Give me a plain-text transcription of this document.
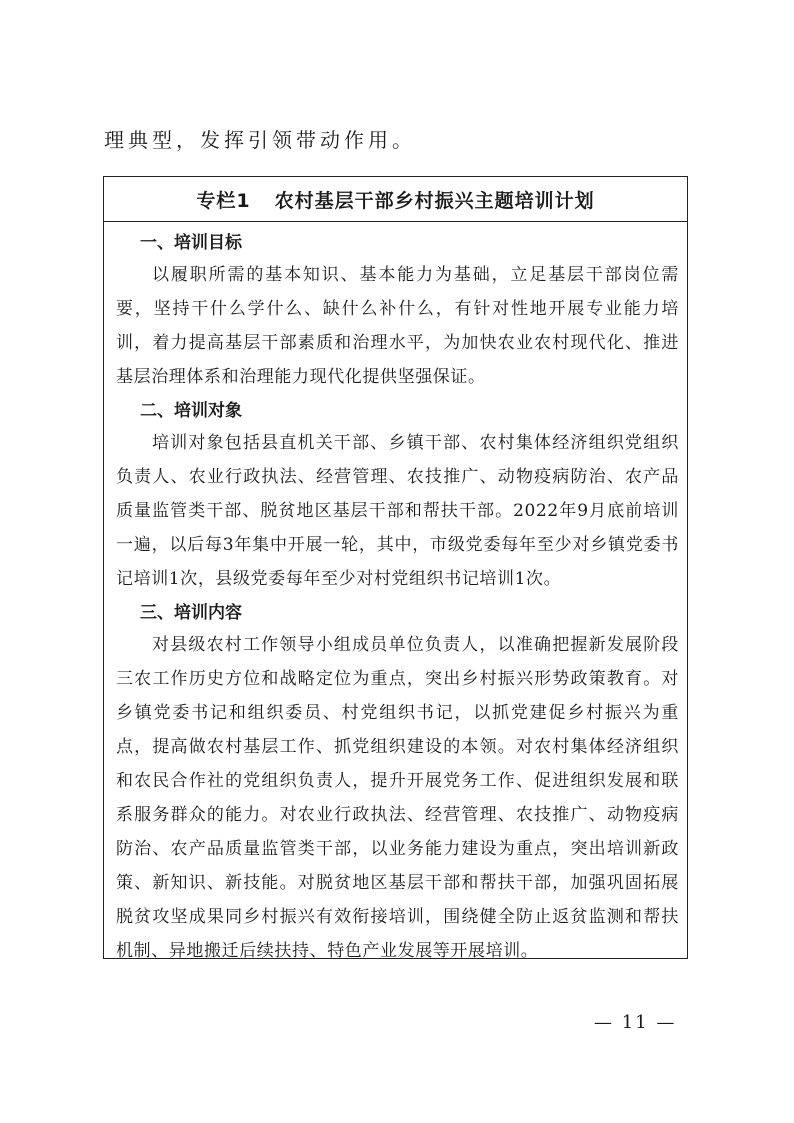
理典型，发挥引领带动作用。
专栏1 农村基层干部乡村振兴主题培训计划
一、培训目标

以履职所需的基本知识、基本能力为基础，立足基层干部岗位需要，坚持干什么学什么、缺什么补什么，有针对性地开展专业能力培训，着力提高基层干部素质和治理水平，为加快农业农村现代化、推进基层治理体系和治理能力现代化提供坚强保证。

二、培训对象

培训对象包括县直机关干部、乡镇干部、农村集体经济组织党组织负责人、农业行政执法、经营管理、农技推广、动物疫病防治、农产品质量监管类干部、脱贫地区基层干部和帮扶干部。2022年9月底前培训一遍，以后每3年集中开展一轮，其中，市级党委每年至少对乡镇党委书记培训1次，县级党委每年至少对村党组织书记培训1次。

三、培训内容

对县级农村工作领导小组成员单位负责人，以准确把握新发展阶段三农工作历史方位和战略定位为重点，突出乡村振兴形势政策教育。对乡镇党委书记和组织委员、村党组织书记，以抓党建促乡村振兴为重点，提高做农村基层工作、抓党组织建设的本领。对农村集体经济组织和农民合作社的党组织负责人，提升开展党务工作、促进组织发展和联系服务群众的能力。对农业行政执法、经营管理、农技推广、动物疫病防治、农产品质量监管类干部，以业务能力建设为重点，突出培训新政策、新知识、新技能。对脱贫地区基层干部和帮扶干部，加强巩固拓展脱贫攻坚成果同乡村振兴有效衔接培训，围绕健全防止返贫监测和帮扶机制、异地搬迁后续扶持、特色产业发展等开展培训。

— 11 —
